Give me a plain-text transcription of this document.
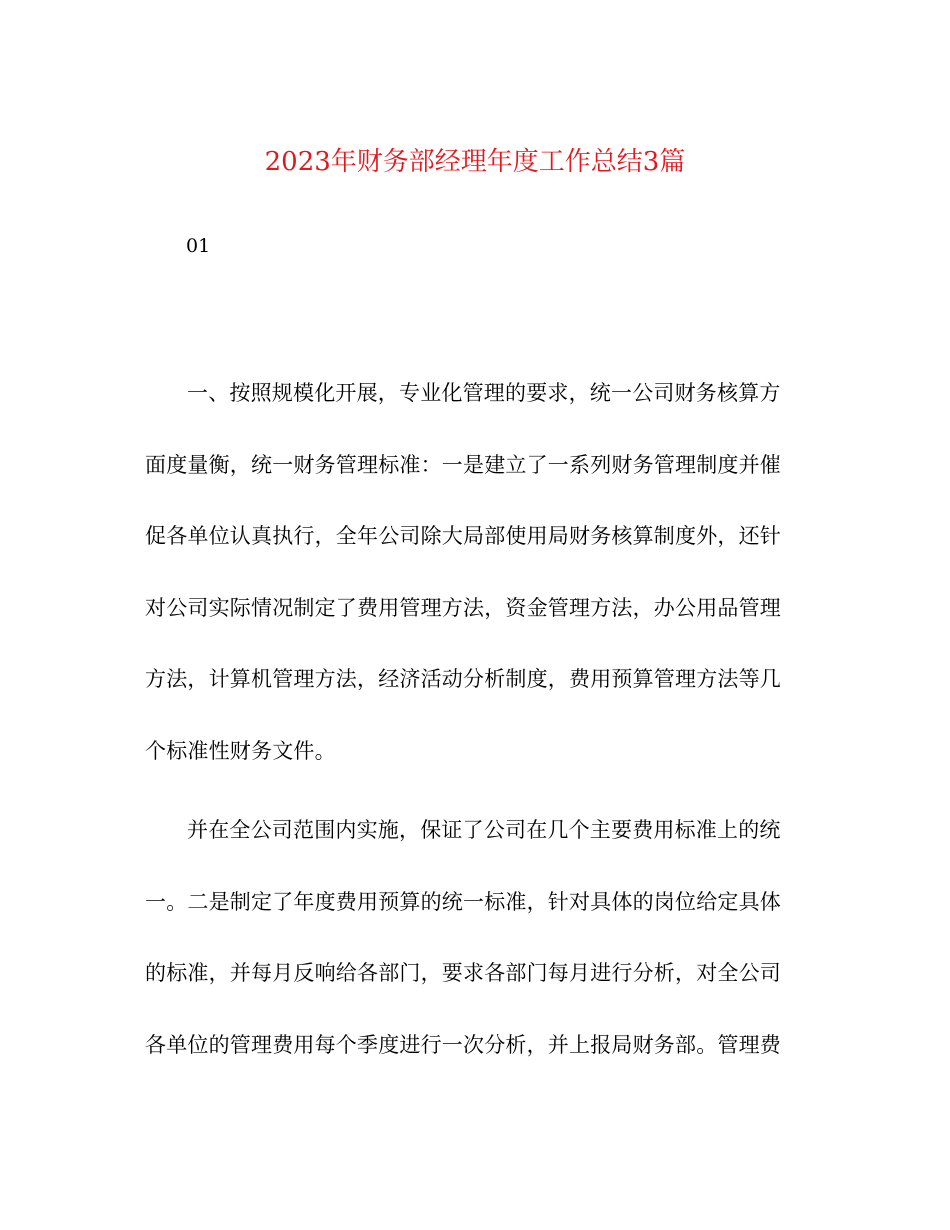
2023年财务部经理年度工作总结3篇
01
一、按照规模化开展，专业化管理的要求，统一公司财务核算方
面度量衡，统一财务管理标准：一是建立了一系列财务管理制度并催
促各单位认真执行，全年公司除大局部使用局财务核算制度外，还针
对公司实际情况制定了费用管理方法，资金管理方法，办公用品管理
方法，计算机管理方法，经济活动分析制度，费用预算管理方法等几
个标准性财务文件。
并在全公司范围内实施，保证了公司在几个主要费用标准上的统
一。二是制定了年度费用预算的统一标准，针对具体的岗位给定具体
的标准，并每月反响给各部门，要求各部门每月进行分析，对全公司
各单位的管理费用每个季度进行一次分析，并上报局财务部。管理费
